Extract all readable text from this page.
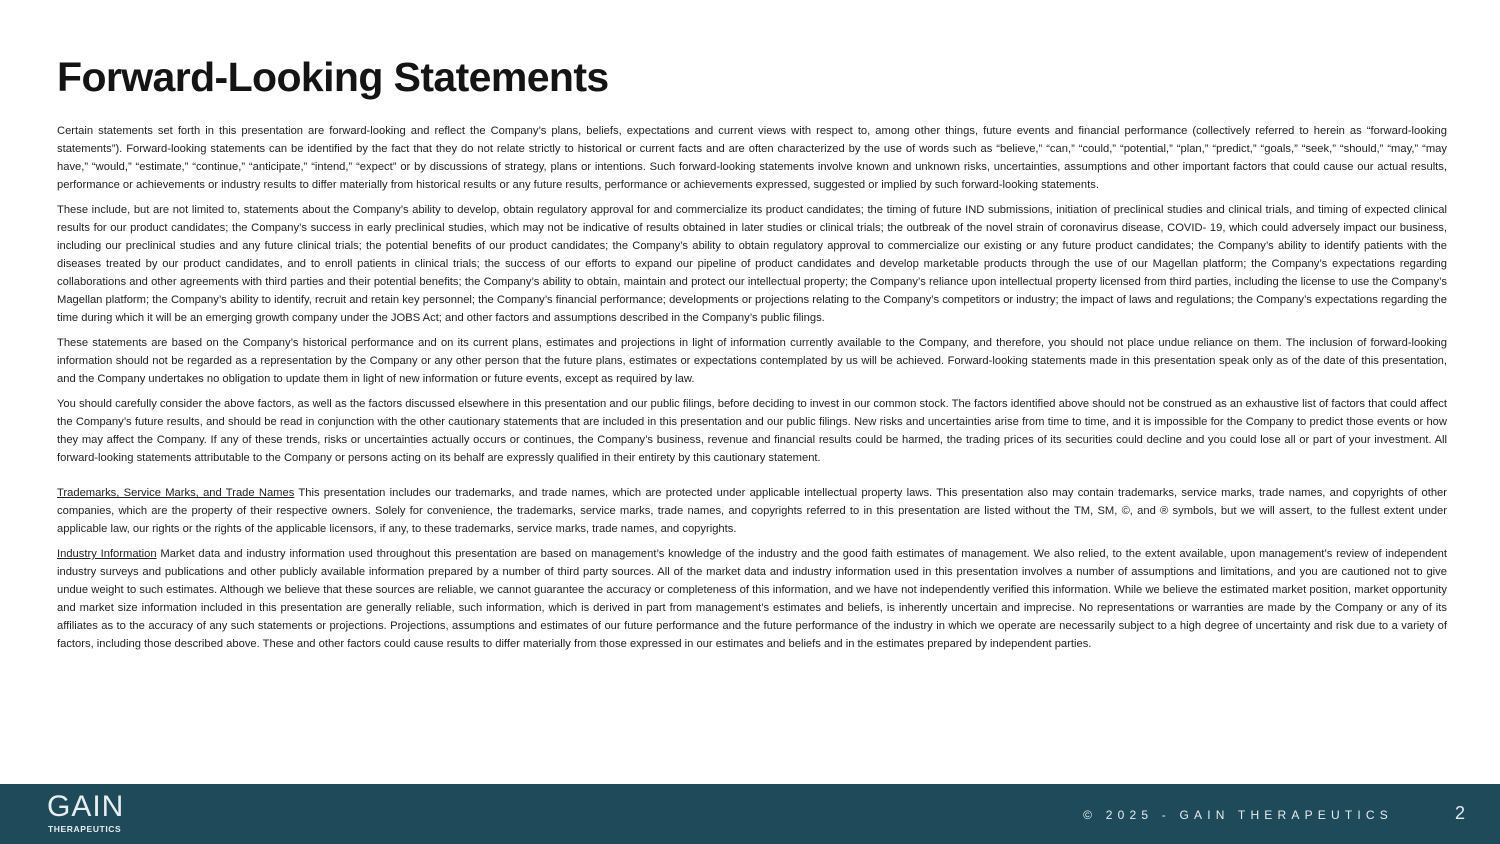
Forward-Looking Statements

Certain statements set forth in this presentation are forward-looking and reflect the Company’s plans, beliefs, expectations and current views with respect to, among other things, future events and financial performance (collectively referred to herein as “forward-looking statements”). Forward-looking statements can be identified by the fact that they do not relate strictly to historical or current facts and are often characterized by the use of words such as “believe,” “can,” “could,” “potential,” “plan,” “predict,” “goals,” “seek,” “should,” “may,” “may have,” “would,” “estimate,” “continue,” “anticipate,” “intend,” “expect” or by discussions of strategy, plans or intentions. Such forward-looking statements involve known and unknown risks, uncertainties, assumptions and other important factors that could cause our actual results, performance or achievements or industry results to differ materially from historical results or any future results, performance or achievements expressed, suggested or implied by such forward-looking statements.

These include, but are not limited to, statements about the Company’s ability to develop, obtain regulatory approval for and commercialize its product candidates; the timing of future IND submissions, initiation of preclinical studies and clinical trials, and timing of expected clinical results for our product candidates; the Company’s success in early preclinical studies, which may not be indicative of results obtained in later studies or clinical trials; the outbreak of the novel strain of coronavirus disease, COVID- 19, which could adversely impact our business, including our preclinical studies and any future clinical trials; the potential benefits of our product candidates; the Company’s ability to obtain regulatory approval to commercialize our existing or any future product candidates; the Company’s ability to identify patients with the diseases treated by our product candidates, and to enroll patients in clinical trials; the success of our efforts to expand our pipeline of product candidates and develop marketable products through the use of our Magellan platform; the Company’s expectations regarding collaborations and other agreements with third parties and their potential benefits; the Company’s ability to obtain, maintain and protect our intellectual property; the Company’s reliance upon intellectual property licensed from third parties, including the license to use the Company’s Magellan platform; the Company’s ability to identify, recruit and retain key personnel; the Company’s financial performance; developments or projections relating to the Company’s competitors or industry; the impact of laws and regulations; the Company’s expectations regarding the time during which it will be an emerging growth company under the JOBS Act; and other factors and assumptions described in the Company’s public filings.

These statements are based on the Company’s historical performance and on its current plans, estimates and projections in light of information currently available to the Company, and therefore, you should not place undue reliance on them. The inclusion of forward-looking information should not be regarded as a representation by the Company or any other person that the future plans, estimates or expectations contemplated by us will be achieved. Forward-looking statements made in this presentation speak only as of the date of this presentation, and the Company undertakes no obligation to update them in light of new information or future events, except as required by law.

You should carefully consider the above factors, as well as the factors discussed elsewhere in this presentation and our public filings, before deciding to invest in our common stock. The factors identified above should not be construed as an exhaustive list of factors that could affect the Company’s future results, and should be read in conjunction with the other cautionary statements that are included in this presentation and our public filings. New risks and uncertainties arise from time to time, and it is impossible for the Company to predict those events or how they may affect the Company. If any of these trends, risks or uncertainties actually occurs or continues, the Company’s business, revenue and financial results could be harmed, the trading prices of its securities could decline and you could lose all or part of your investment. All forward-looking statements attributable to the Company or persons acting on its behalf are expressly qualified in their entirety by this cautionary statement.

Trademarks, Service Marks, and Trade Names This presentation includes our trademarks, and trade names, which are protected under applicable intellectual property laws. This presentation also may contain trademarks, service marks, trade names, and copyrights of other companies, which are the property of their respective owners. Solely for convenience, the trademarks, service marks, trade names, and copyrights referred to in this presentation are listed without the TM, SM, ©, and ® symbols, but we will assert, to the fullest extent under applicable law, our rights or the rights of the applicable licensors, if any, to these trademarks, service marks, trade names, and copyrights.

Industry Information Market data and industry information used throughout this presentation are based on management’s knowledge of the industry and the good faith estimates of management. We also relied, to the extent available, upon management’s review of independent industry surveys and publications and other publicly available information prepared by a number of third party sources. All of the market data and industry information used in this presentation involves a number of assumptions and limitations, and you are cautioned not to give undue weight to such estimates. Although we believe that these sources are reliable, we cannot guarantee the accuracy or completeness of this information, and we have not independently verified this information. While we believe the estimated market position, market opportunity and market size information included in this presentation are generally reliable, such information, which is derived in part from management’s estimates and beliefs, is inherently uncertain and imprecise. No representations or warranties are made by the Company or any of its affiliates as to the accuracy of any such statements or projections. Projections, assumptions and estimates of our future performance and the future performance of the industry in which we operate are necessarily subject to a high degree of uncertainty and risk due to a variety of factors, including those described above. These and other factors could cause results to differ materially from those expressed in our estimates and beliefs and in the estimates prepared by independent parties.

GAIN
THERAPEUTICS
© 2025 - GAIN THERAPEUTICS	2
